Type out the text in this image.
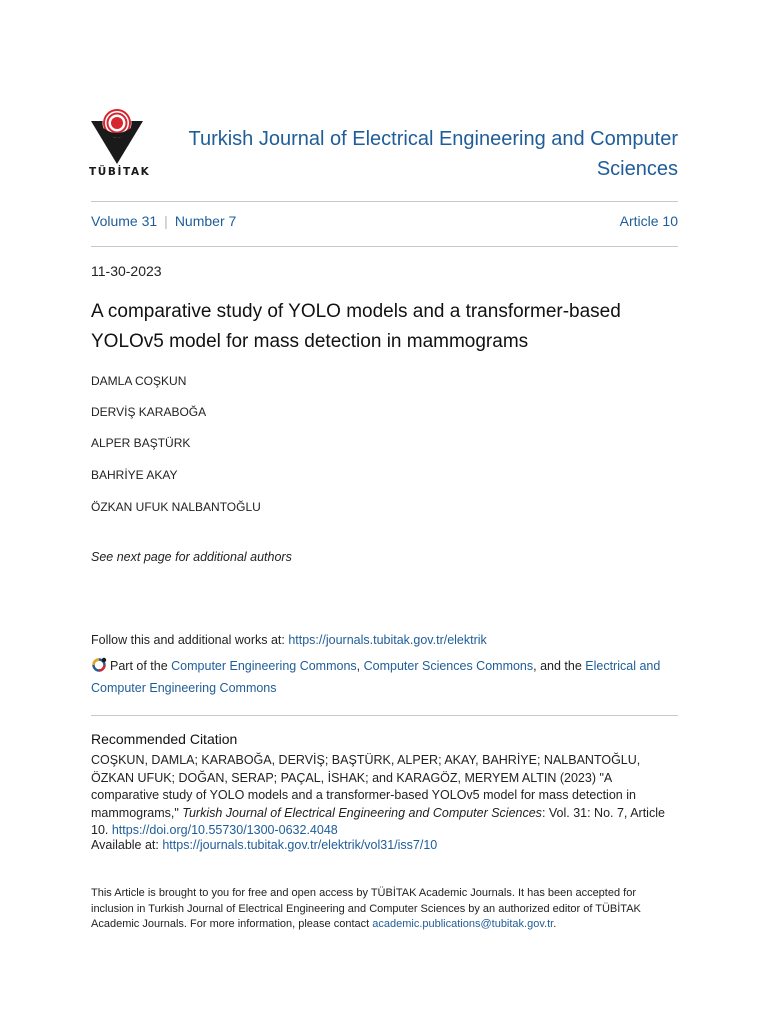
TÜBİTAK
Turkish Journal of Electrical Engineering and Computer Sciences
Volume 31 | Number 7	Article 10
11-30-2023
A comparative study of YOLO models and a transformer-based YOLOv5 model for mass detection in mammograms
DAMLA COŞKUN
DERVİŞ KARABOĞA
ALPER BAŞTÜRK
BAHRİYE AKAY
ÖZKAN UFUK NALBANTOĞLU
See next page for additional authors
Follow this and additional works at: https://journals.tubitak.gov.tr/elektrik
Part of the Computer Engineering Commons, Computer Sciences Commons, and the Electrical and Computer Engineering Commons
Recommended Citation
COŞKUN, DAMLA; KARABOĞA, DERVİŞ; BAŞTÜRK, ALPER; AKAY, BAHRİYE; NALBANTOĞLU, ÖZKAN UFUK; DOĞAN, SERAP; PAÇAL, İSHAK; and KARAGÖZ, MERYEM ALTIN (2023) "A comparative study of YOLO models and a transformer-based YOLOv5 model for mass detection in mammograms," Turkish Journal of Electrical Engineering and Computer Sciences: Vol. 31: No. 7, Article 10. https://doi.org/10.55730/1300-0632.4048
Available at: https://journals.tubitak.gov.tr/elektrik/vol31/iss7/10
This Article is brought to you for free and open access by TÜBİTAK Academic Journals. It has been accepted for inclusion in Turkish Journal of Electrical Engineering and Computer Sciences by an authorized editor of TÜBİTAK Academic Journals. For more information, please contact academic.publications@tubitak.gov.tr.
